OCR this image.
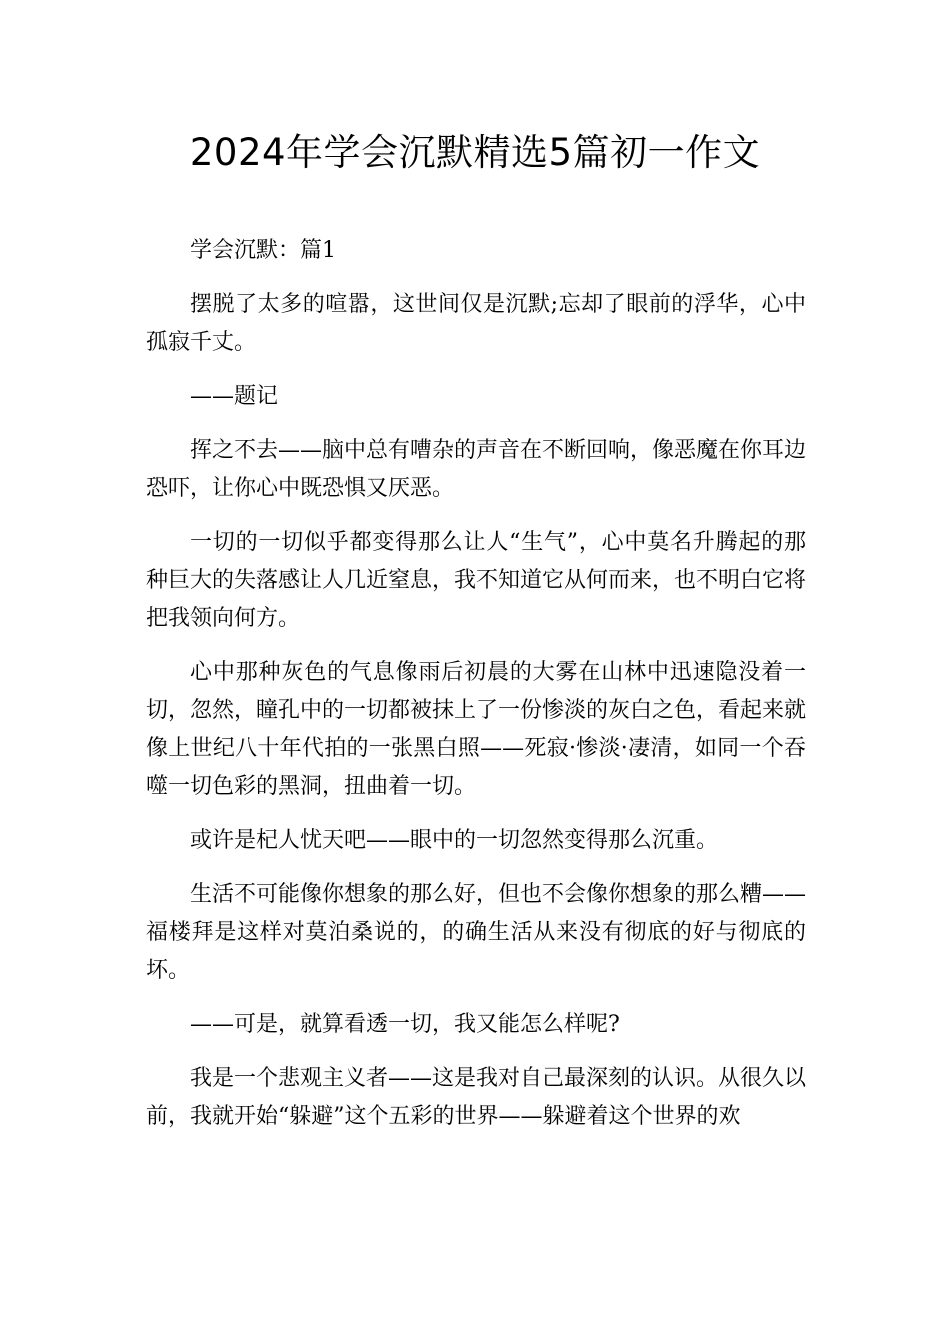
2024年学会沉默精选5篇初一作文

学会沉默：篇1

摆脱了太多的喧嚣，这世间仅是沉默;忘却了眼前的浮华，心中孤寂千丈。

——题记

挥之不去——脑中总有嘈杂的声音在不断回响，像恶魔在你耳边恐吓，让你心中既恐惧又厌恶。

一切的一切似乎都变得那么让人“生气”，心中莫名升腾起的那种巨大的失落感让人几近窒息，我不知道它从何而来，也不明白它将把我领向何方。

心中那种灰色的气息像雨后初晨的大雾在山林中迅速隐没着一切，忽然，瞳孔中的一切都被抹上了一份惨淡的灰白之色，看起来就像上世纪八十年代拍的一张黑白照——死寂·惨淡·凄清，如同一个吞噬一切色彩的黑洞，扭曲着一切。

或许是杞人忧天吧——眼中的一切忽然变得那么沉重。

生活不可能像你想象的那么好，但也不会像你想象的那么糟——福楼拜是这样对莫泊桑说的，的确生活从来没有彻底的好与彻底的坏。

——可是，就算看透一切，我又能怎么样呢?

我是一个悲观主义者——这是我对自己最深刻的认识。从很久以前，我就开始“躲避”这个五彩的世界——躲避着这个世界的欢
